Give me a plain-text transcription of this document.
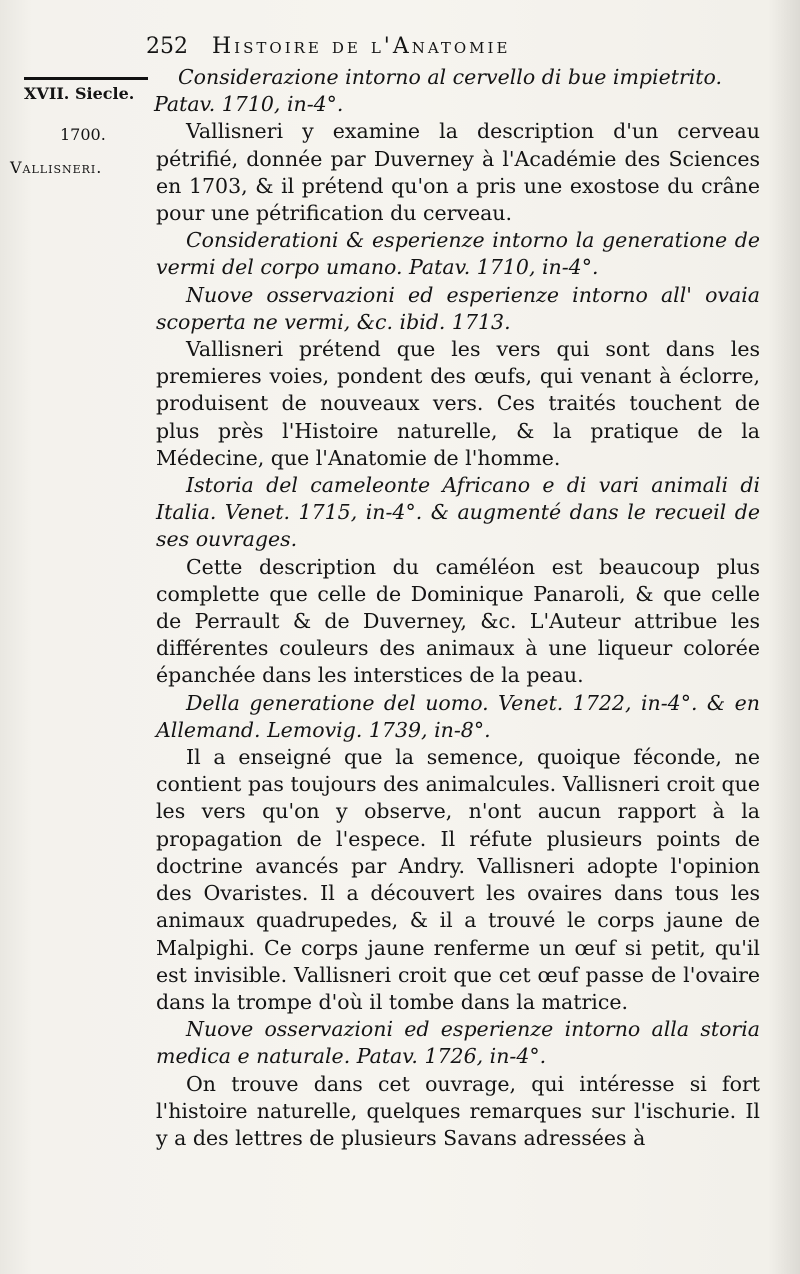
252 Histoire de l'Anatomie
XVII. Siecle.
1700.
Vallisneri.

Considerazione intorno al cervello di bue impietrito.

Patav. 1710, in-4°.

Vallisneri y examine la description d'un cerveau pétrifié, donnée par Duverney à l'Académie des Sciences en 1703, & il prétend qu'on a pris une exostose du crâne pour une pétrification du cerveau.

Considerationi & esperienze intorno la generatione de vermi del corpo umano. Patav. 1710, in-4°.

Nuove osservazioni ed esperienze intorno all' ovaia scoperta ne vermi, &c. ibid. 1713.

Vallisneri prétend que les vers qui sont dans les premieres voies, pondent des œufs, qui venant à éclorre, produisent de nouveaux vers. Ces traités touchent de plus près l'Histoire naturelle, & la pratique de la Médecine, que l'Anatomie de l'homme.

Istoria del cameleonte Africano e di vari animali di Italia. Venet. 1715, in-4°. & augmenté dans le recueil de ses ouvrages.

Cette description du caméléon est beaucoup plus complette que celle de Dominique Panaroli, & que celle de Perrault & de Duverney, &c. L'Auteur attribue les différentes couleurs des animaux à une liqueur colorée épanchée dans les interstices de la peau.

Della generatione del uomo. Venet. 1722, in-4°. & en Allemand. Lemovig. 1739, in-8°.

Il a enseigné que la semence, quoique féconde, ne contient pas toujours des animalcules. Vallisneri croit que les vers qu'on y observe, n'ont aucun rapport à la propagation de l'espece. Il réfute plusieurs points de doctrine avancés par Andry. Vallisneri adopte l'opinion des Ovaristes. Il a découvert les ovaires dans tous les animaux quadrupedes, & il a trouvé le corps jaune de Malpighi. Ce corps jaune renferme un œuf si petit, qu'il est invisible. Vallisneri croit que cet œuf passe de l'ovaire dans la trompe d'où il tombe dans la matrice.

Nuove osservazioni ed esperienze intorno alla storia medica e naturale. Patav. 1726, in-4°.

On trouve dans cet ouvrage, qui intéresse si fort l'histoire naturelle, quelques remarques sur l'ischurie. Il y a des lettres de plusieurs Savans adressées à
